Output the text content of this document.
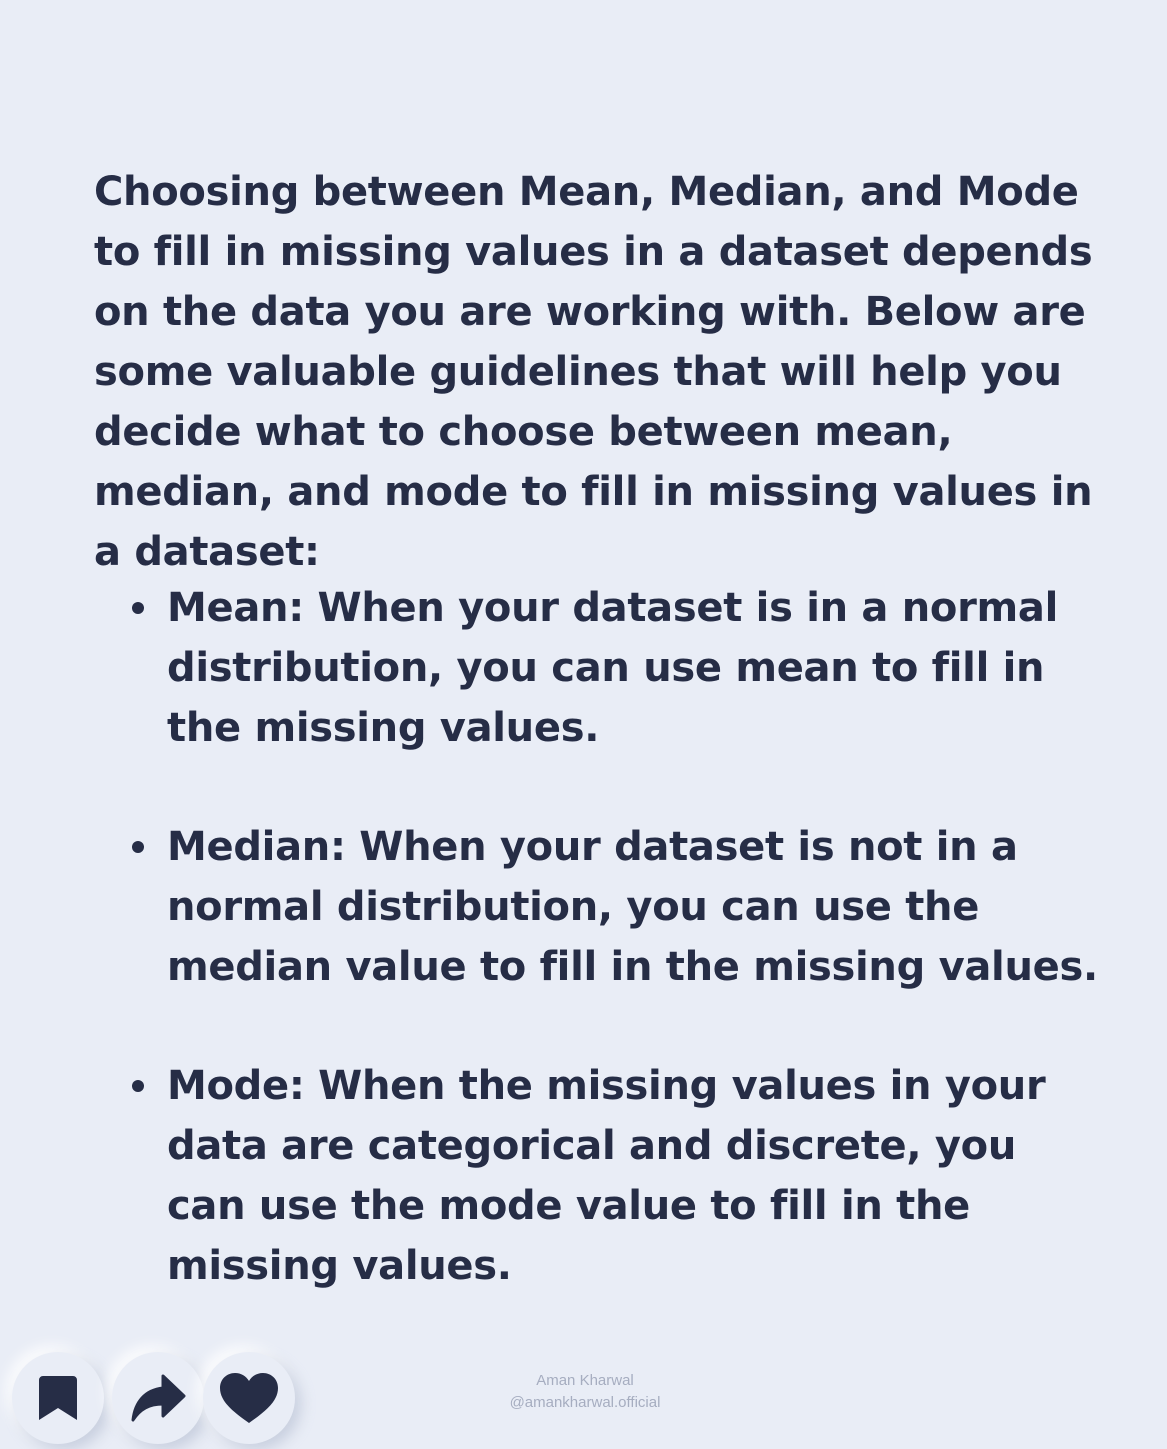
Choosing between Mean, Median, and Mode to fill in missing values in a dataset depends on the data you are working with. Below are some valuable guidelines that will help you decide what to choose between mean, median, and mode to fill in missing values in a dataset:

Mean: When your dataset is in a normal distribution, you can use mean to fill in the missing values.
Median: When your dataset is not in a normal distribution, you can use the median value to fill in the missing values.
Mode: When the missing values in your data are categorical and discrete, you can use the mode value to fill in the missing values.
Aman Kharwal
@amankharwal.official
